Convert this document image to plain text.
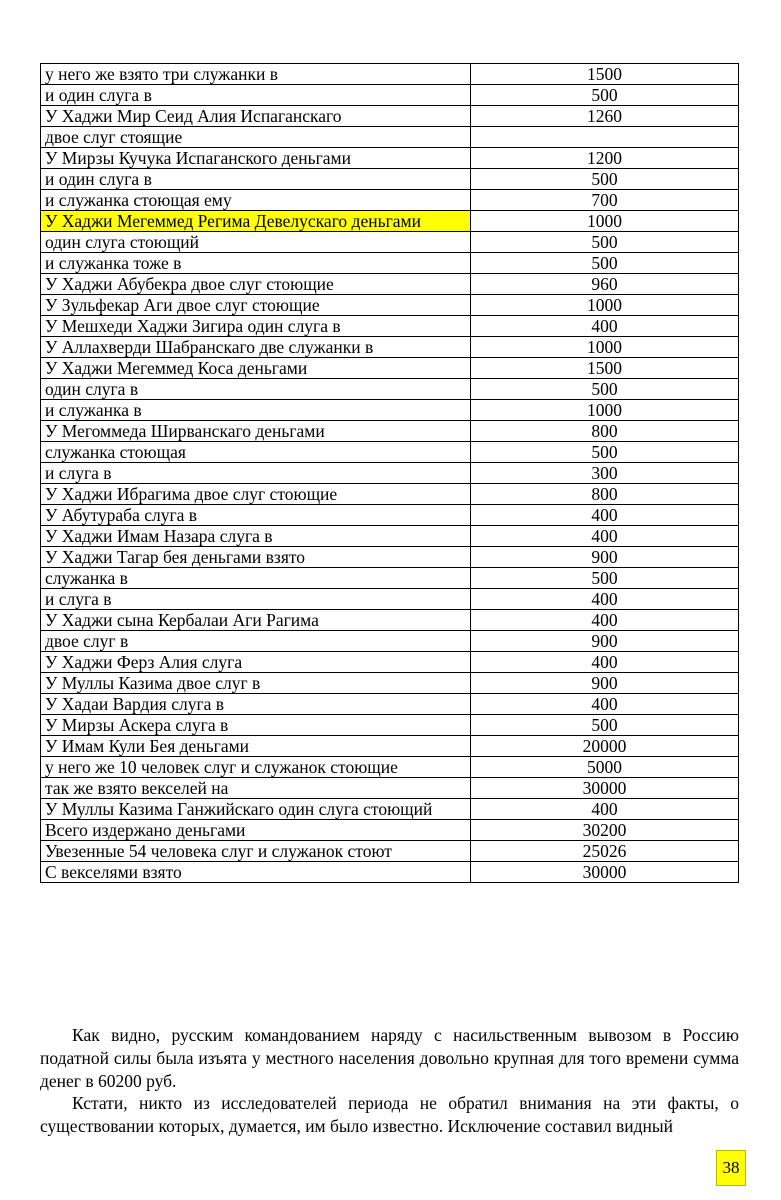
у него же взято три служанки в	1500
и один слуга в	500
У Хаджи Мир Сеид Алия Испаганскаго	1260
двое слуг стоящие	
У Мирзы Кучука Испаганского деньгами	1200
и один слуга в	500
и служанка стоющая ему	700
У Хаджи Мегеммед Регима Девелускаго деньгами	1000
один слуга стоющий	500
и служанка тоже в	500
У Хаджи Абубекра двое слуг стоющие	960
У Зульфекар Аги двое слуг стоющие	1000
У Мешхеди Хаджи Зигира один слуга в	400
У Аллахверди Шабранскаго две служанки в	1000
У Хаджи Мегеммед Коса деньгами	1500
один слуга в	500
и служанка в	1000
У Мегоммеда Ширванскаго деньгами	800
служанка стоющая	500
и слуга в	300
У Хаджи Ибрагима двое слуг стоющие	800
У Абутураба слуга в	400
У Хаджи Имам Назара слуга в	400
У Хаджи Тагар бея деньгами взято	900
служанка в	500
и слуга в	400
У Хаджи сына Кербалаи Аги Рагима	400
двое слуг в	900
У Хаджи Ферз Алия слуга	400
У Муллы Казима двое слуг в	900
У Хадаи Вардия слуга в	400
У Мирзы Аскера слуга в	500
У Имам Кули Бея деньгами	20000
у него же 10 человек слуг и служанок стоющие	5000
так же взято векселей на	30000
У Муллы Казима Ганжийскаго один слуга стоющий	400
Всего издержано деньгами	30200
Увезенные 54 человека слуг и служанок стоют	25026
С векселями взято	30000

Как видно, русским командованием наряду с насильственным вывозом в Россию податной силы была изъята у местного населения довольно крупная для того времени сумма денег в 60200 руб.

Кстати, никто из исследователей периода не обратил внимания на эти факты, о существовании которых, думается, им было известно. Исключение составил видный

38
